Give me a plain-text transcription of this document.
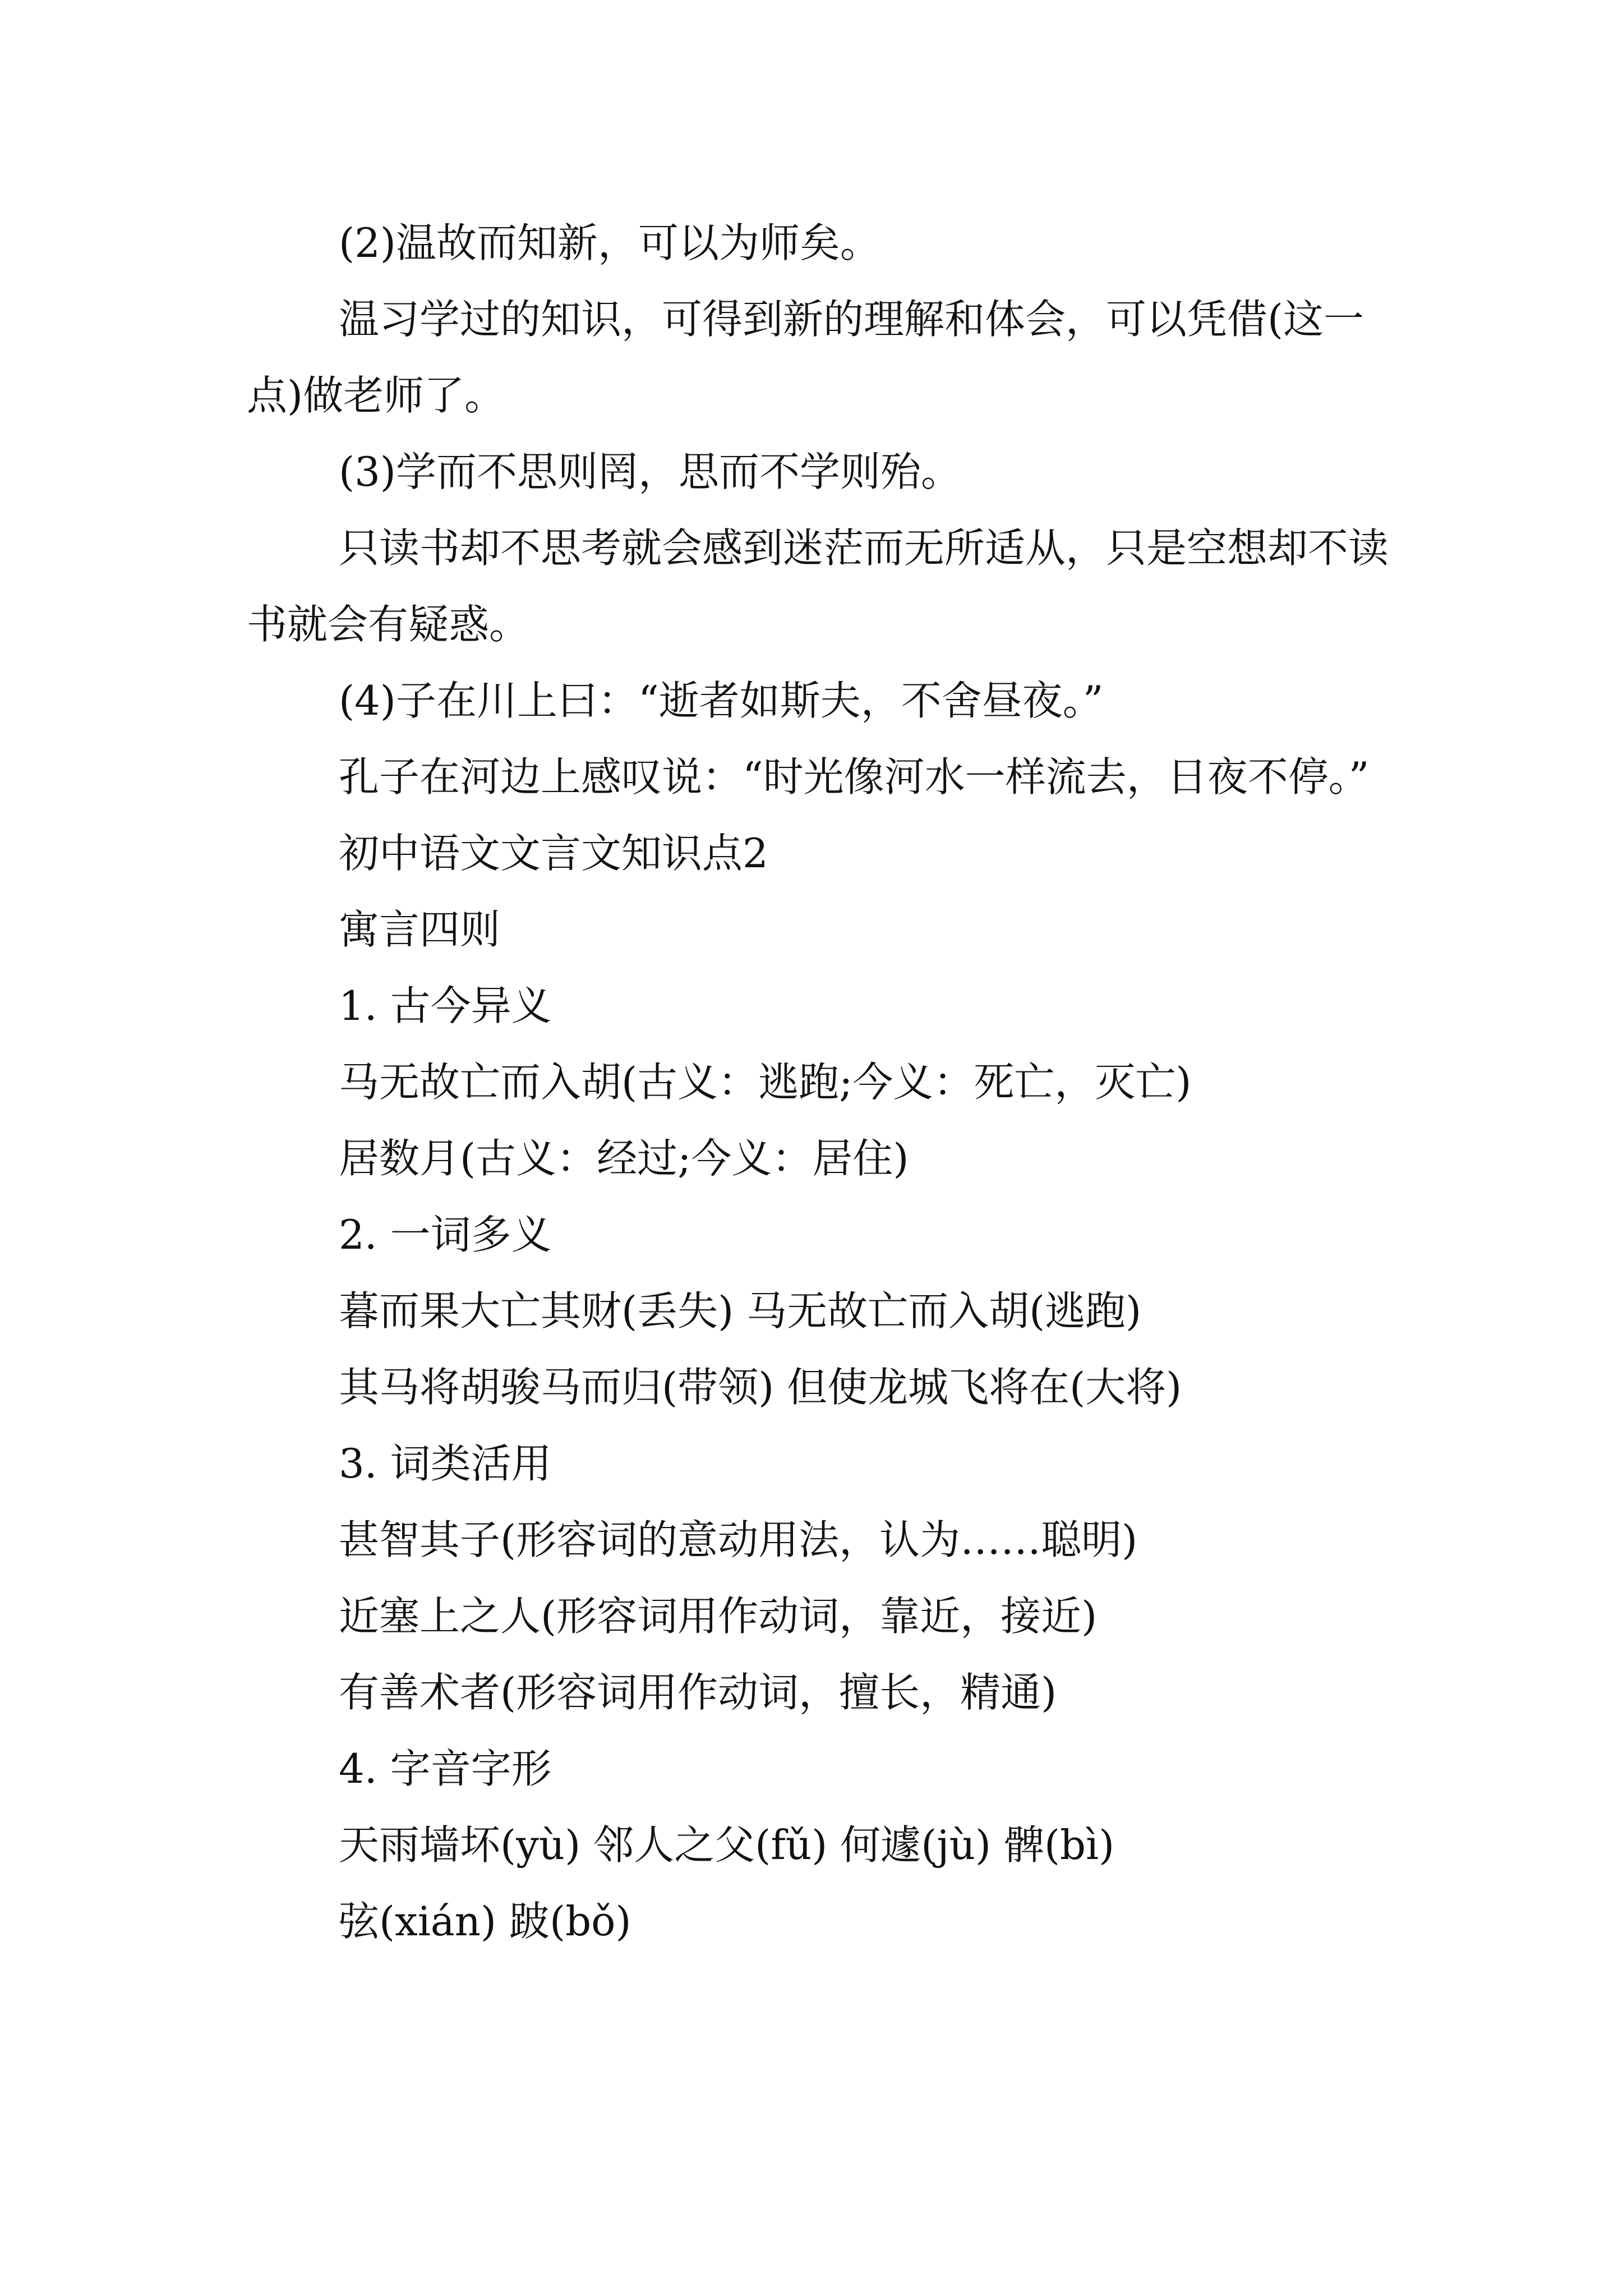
(2)温故而知新，可以为师矣。

温习学过的知识，可得到新的理解和体会，可以凭借(这一点)做老师了。

(3)学而不思则罔，思而不学则殆。

只读书却不思考就会感到迷茫而无所适从，只是空想却不读书就会有疑惑。

(4)子在川上曰：“逝者如斯夫，不舍昼夜。”

孔子在河边上感叹说：“时光像河水一样流去，日夜不停。”

初中语文文言文知识点2

寓言四则

1. 古今异义

马无故亡而入胡(古义：逃跑;今义：死亡，灭亡)

居数月(古义：经过;今义：居住)

2. 一词多义

暮而果大亡其财(丢失) 马无故亡而入胡(逃跑)

其马将胡骏马而归(带领) 但使龙城飞将在(大将)

3. 词类活用

甚智其子(形容词的意动用法，认为……聪明)

近塞上之人(形容词用作动词，靠近，接近)

有善术者(形容词用作动词，擅长，精通)

4. 字音字形

天雨墙坏(yù) 邻人之父(fǔ) 何遽(jù) 髀(bì)

弦(xián) 跛(bǒ)
